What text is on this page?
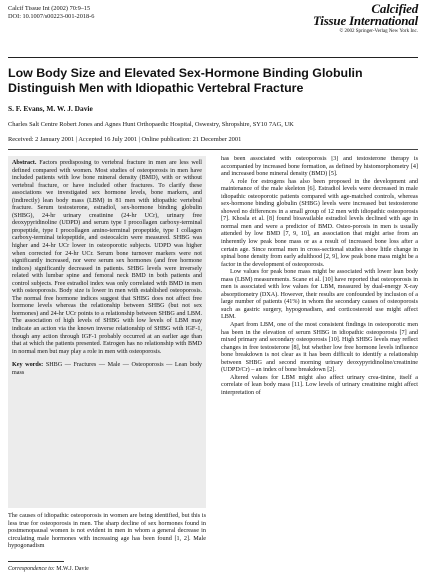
Calcif Tissue Int (2002) 70:9–15
DOI: 10.1007/s00223-001-2018-6
Calcified
Tissue International
© 2002 Springer-Verlag New York Inc.
Low Body Size and Elevated Sex-Hormone Binding Globulin Distinguish Men with Idiopathic Vertebral Fracture
S. F. Evans, M. W. J. Davie
Charles Salt Centre Robert Jones and Agnes Hunt Orthopaedic Hospital, Oswestry, Shropshire, SY10 7AG, UK
Received: 2 January 2001 | Accepted 16 July 2001 | Online publication: 21 December 2001
Abstract. Factors predisposing to vertebral fracture in men are less well defined compared with women. Most studies of osteoporosis in men have included patients with low bone mineral density (BMD), with or without vertebral fracture, or have included other fractures. To clarify these associations we investigated sex hormone levels, bone markers, and (indirectly) lean body mass (LBM) in 81 men with idiopathic vertebral fracture. Serum testosterone, estradiol, sex-hormone binding globulin (SHBG), 24-hr urinary creatinine (24-hr UCr), urinary free deoxypyridinoline (UDPD) and serum type I procollagen carboxy-terminal propeptide, type I procollagen amino-terminal propeptide, type I collagen carboxy-terminal telopeptide, and osteocalcin were measured. SHBG was higher and 24-hr UCr lower in osteoporotic subjects. UDPD was higher when corrected for 24-hr UCr. Serum bone turnover markers were not significantly increased, nor were serum sex hormones (and free hormone indices) significantly decreased in patients. SHBG levels were inversely related with lumbar spine and femoral neck BMD in both patients and control subjects. Free estradiol index was only correlated with BMD in men with osteoporosis. Body size is lower in men with established osteoporosis. The normal free hormone indices suggest that SHBG does not affect free hormone levels whereas the relationship between SHBG (but not sex hormones) and 24-hr UCr points to a relationship between SHBG and LBM. The association of high levels of SHBG with low levels of LBM may indicate an action via the known inverse relationship of SHBG with IGF-1, though any action through IGF-1 probably occurred at an earlier age than that at which the patients presented. Estrogen has no relationship with BMD in normal men but may play a role in men with osteoporosis.
Key words: SHBG — Fractures — Male — Osteoporosis — Lean body mass
The causes of idiopathic osteoporosis in women are being identified, but this is less true for osteoporosis in men. The sharp decline of sex hormones found in postmenopausal women is not evident in men in whom a general decrease in circulating male hormones with increasing age has been found [1, 2]. Male hypogonadism
Correspondence to: M.W.J. Davie

has been associated with osteoporosis [3] and testosterone therapy is accompanied by increased bone formation, as defined by histomorphometry [4] and increased bone mineral density (BMD) [5].

A role for estrogens has also been proposed in the development and maintenance of the male skeleton [6]. Estradiol levels were decreased in male idiopathic osteoporotic patients compared with age-matched controls, whereas sex-hormone binding globulin (SHBG) levels were increased but testosterone showed no differences in a small group of 12 men with idiopathic osteoporosis [7]. Khosla et al. [8] found bioavailable estradiol levels declined with age in normal men and were a predictor of BMD. Osteo-porosis in men is usually attended by low BMD [7, 9, 10], an association that might arise from an inherently low peak bone mass or as a result of increased bone loss after a certain age. Since normal men in cross-sectional studies show little change in spinal bone density from early adulthood [2, 9], low peak bone mass might be a factor in the development of osteoporosis.

Low values for peak bone mass might be associated with lower lean body mass (LBM) measurements. Scane et al. [10] have reported that osteoporosis in men is associated with low values for LBM, measured by dual-energy X-ray absorptiometry (DXA). However, their results are confounded by inclusion of a large number of patients (41%) in whom the secondary causes of osteoporosis such as gastric surgery, hypogonadism, and corticosteroid use might affect LBM.

Apart from LBM, one of the most consistent findings in osteoporotic men has been in the elevation of serum SHBG in idiopathic osteoporosis [7] and mixed primary and secondary osteoporosis [10]. High SHBG levels may reflect changes in free testosterone [8], but whether low free hormone levels influence bone breakdown is not clear as it has been difficult to identify a relationship between SHBG and second morning urinary deoxypyridinoline/creatinine (UDPD/Cr) – an index of bone breakdown [2].

Altered values for LBM might also affect urinary crea-tinine, itself a correlate of lean body mass [11]. Low levels of urinary creatinine might affect interpretation of
